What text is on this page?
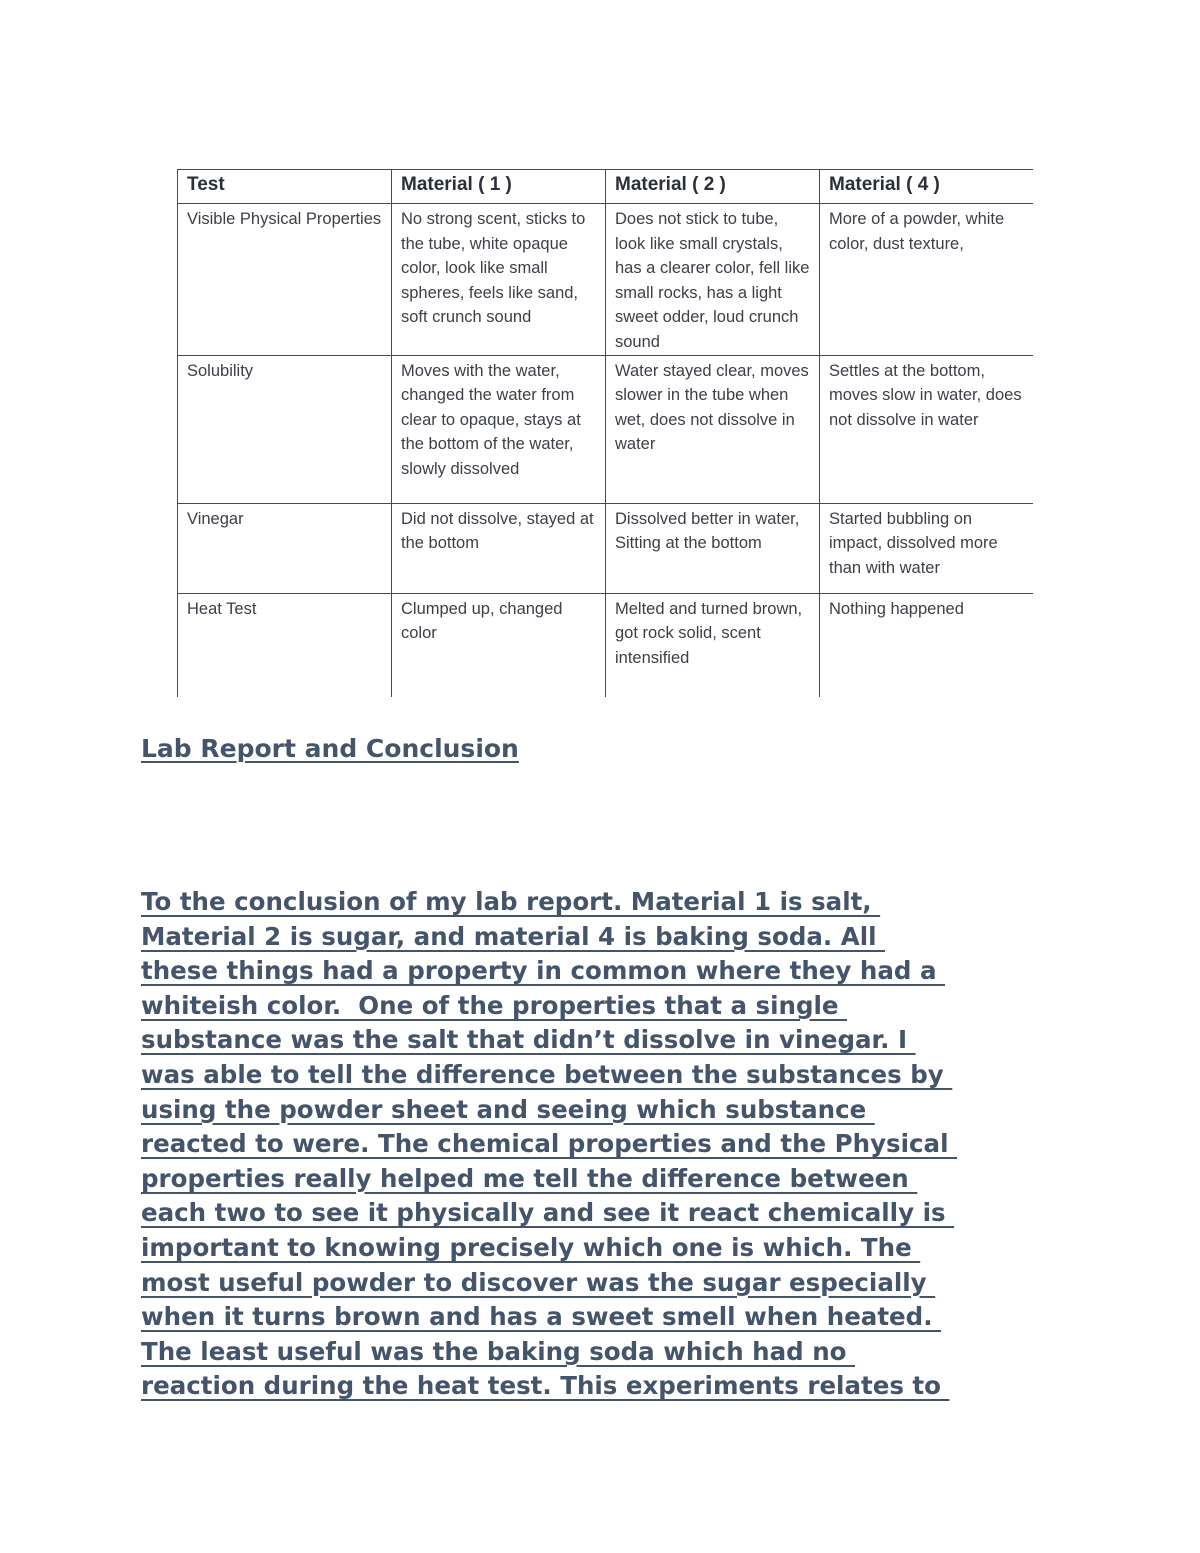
Test	Material ( 1 )	Material ( 2 )	Material ( 4 )
Visible Physical Properties	No strong scent, sticks to the tube, white opaque color, look like small spheres, feels like sand, soft crunch sound	Does not stick to tube, look like small crystals, has a clearer color, fell like small rocks, has a light sweet odder, loud crunch sound	More of a powder, white color, dust texture,
Solubility	Moves with the water, changed the water from clear to opaque, stays at the bottom of the water, slowly dissolved	Water stayed clear, moves slower in the tube when wet, does not dissolve in water	Settles at the bottom, moves slow in water, does not dissolve in water
Vinegar	Did not dissolve, stayed at the bottom	Dissolved better in water, Sitting at the bottom	Started bubbling on impact, dissolved more than with water
Heat Test	Clumped up, changed color	Melted and turned brown, got rock solid, scent intensified	Nothing happened
Lab Report and Conclusion
To the conclusion of my lab report. Material 1 is salt,
Material 2 is sugar, and material 4 is baking soda. All
these things had a property in common where they had a
whiteish color.  One of the properties that a single
substance was the salt that didn’t dissolve in vinegar. I
was able to tell the difference between the substances by
using the powder sheet and seeing which substance
reacted to were. The chemical properties and the Physical
properties really helped me tell the difference between
each two to see it physically and see it react chemically is
important to knowing precisely which one is which. The
most useful powder to discover was the sugar especially
when it turns brown and has a sweet smell when heated.
The least useful was the baking soda which had no
reaction during the heat test. This experiments relates to
